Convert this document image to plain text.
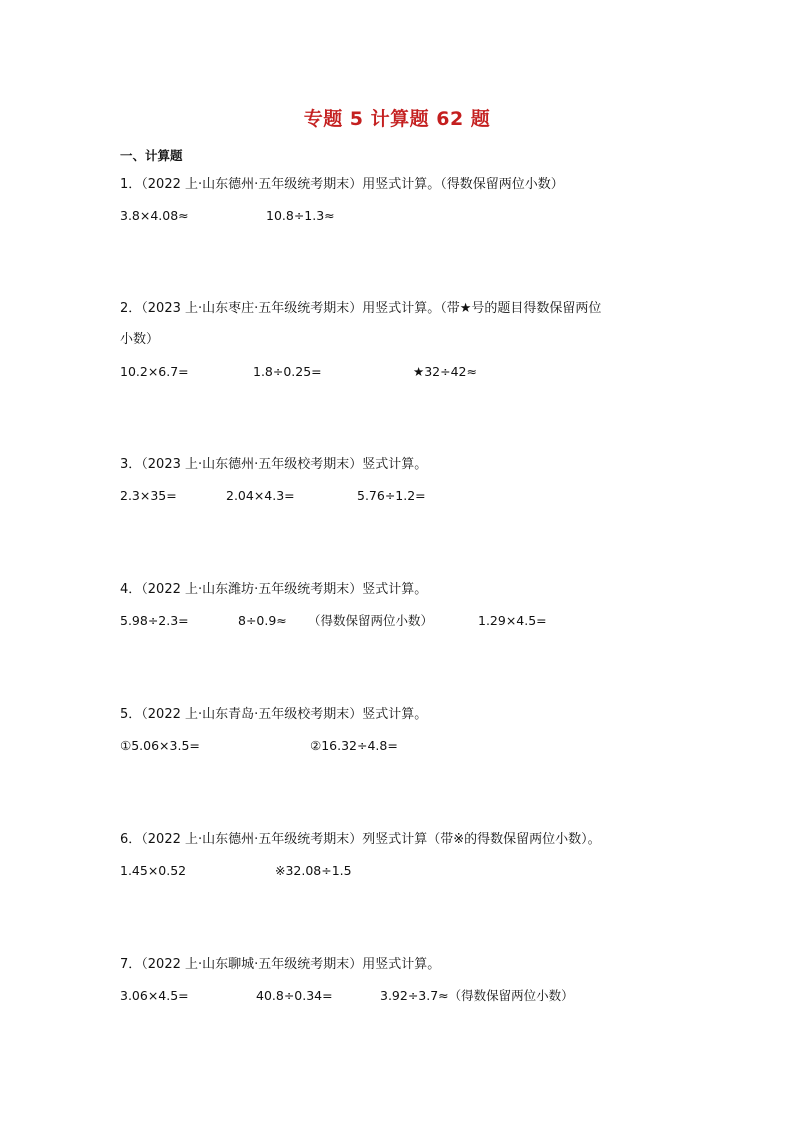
专题 5 计算题 62 题
一、计算题
1．（2022 上·山东德州·五年级统考期末）用竖式计算。（得数保留两位小数）
3.8×4.08≈	10.8÷1.3≈
2．（2023 上·山东枣庄·五年级统考期末）用竖式计算。（带★号的题目得数保留两位
小数）
10.2×6.7=	1.8÷0.25=	★32÷42≈
3．（2023 上·山东德州·五年级校考期末）竖式计算。
2.3×35=	2.04×4.3=	5.76÷1.2=
4．（2022 上·山东潍坊·五年级统考期末）竖式计算。
5.98÷2.3=	8÷0.9≈ （得数保留两位小数）	1.29×4.5=
5．（2022 上·山东青岛·五年级校考期末）竖式计算。
①5.06×3.5=	②16.32÷4.8=
6．（2022 上·山东德州·五年级统考期末）列竖式计算（带※的得数保留两位小数）。
1.45×0.52	※32.08÷1.5
7．（2022 上·山东聊城·五年级统考期末）用竖式计算。
3.06×4.5=	40.8÷0.34=	3.92÷3.7≈（得数保留两位小数）
